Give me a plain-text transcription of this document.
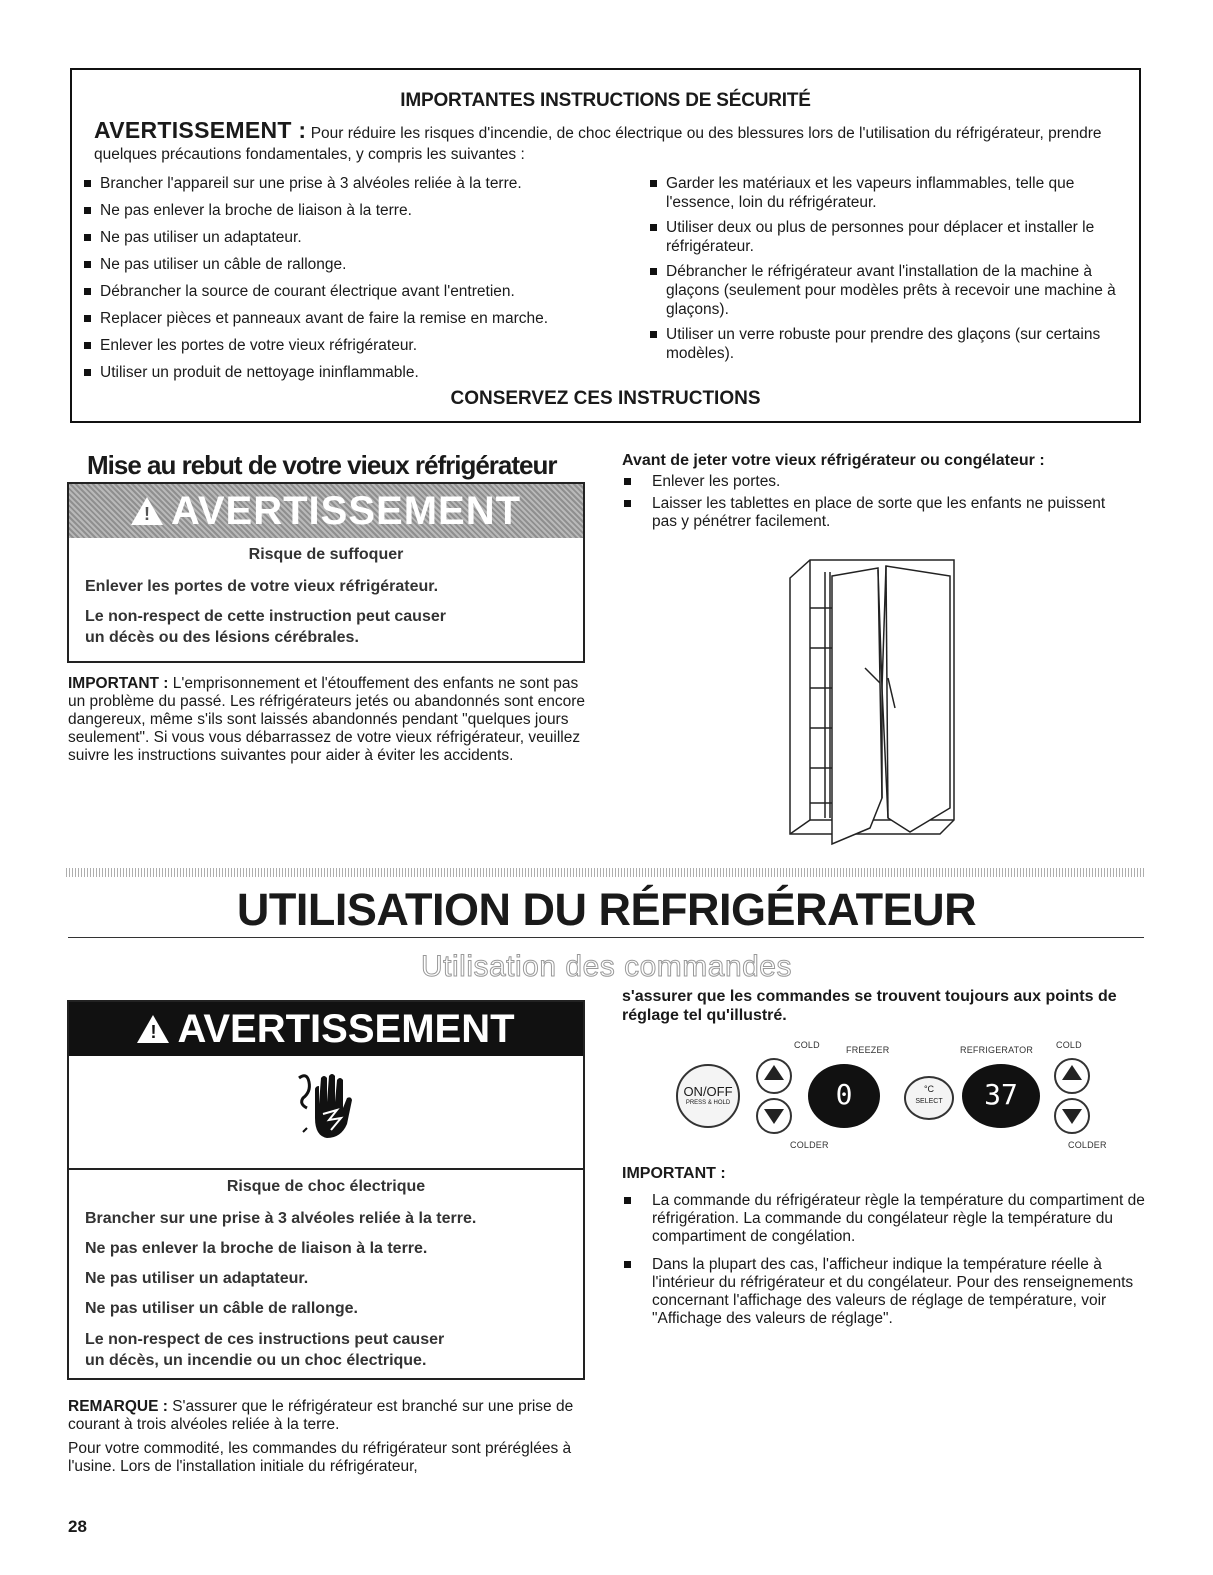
IMPORTANTES INSTRUCTIONS DE SÉCURITÉ
AVERTISSEMENT : Pour réduire les risques d'incendie, de choc électrique ou des blessures lors de l'utilisation du réfrigérateur, prendre quelques précautions fondamentales, y compris les suivantes :
Brancher l'appareil sur une prise à 3 alvéoles reliée à la terre.
Ne pas enlever la broche de liaison à la terre.
Ne pas utiliser un adaptateur.
Ne pas utiliser un câble de rallonge.
Débrancher la source de courant électrique avant l'entretien.
Replacer pièces et panneaux avant de faire la remise en marche.
Enlever les portes de votre vieux réfrigérateur.
Utiliser un produit de nettoyage ininflammable.
Garder les matériaux et les vapeurs inflammables, telle que l'essence, loin du réfrigérateur.
Utiliser deux ou plus de personnes pour déplacer et installer le réfrigérateur.
Débrancher le réfrigérateur avant l'installation de la machine à glaçons (seulement pour modèles prêts à recevoir une machine à glaçons).
Utiliser un verre robuste pour prendre des glaçons (sur certains modèles).
CONSERVEZ CES INSTRUCTIONS
Mise au rebut de votre vieux réfrigérateur
! AVERTISSEMENT
Risque de suffoquer
Enlever les portes de votre vieux réfrigérateur.
Le non-respect de cette instruction peut causer
un décès ou des lésions cérébrales.
IMPORTANT : L'emprisonnement et l'étouffement des enfants ne sont pas un problème du passé. Les réfrigérateurs jetés ou abandonnés sont encore dangereux, même s'ils sont laissés abandonnés pendant "quelques jours seulement". Si vous vous débarrassez de votre vieux réfrigérateur, veuillez suivre les instructions suivantes pour aider à éviter les accidents.
Avant de jeter votre vieux réfrigérateur ou congélateur :
Enlever les portes.
Laisser les tablettes en place de sorte que les enfants ne puissent pas y pénétrer facilement.
UTILISATION DU RÉFRIGÉRATEUR
Utilisation des commandes
! AVERTISSEMENT
Risque de choc électrique
Brancher sur une prise à 3 alvéoles reliée à la terre.
Ne pas enlever la broche de liaison à la terre.
Ne pas utiliser un adaptateur.
Ne pas utiliser un câble de rallonge.
Le non-respect de ces instructions peut causer
un décès, un incendie ou un choc électrique.
REMARQUE : S'assurer que le réfrigérateur est branché sur une prise de courant à trois alvéoles reliée à la terre.
Pour votre commodité, les commandes du réfrigérateur sont préréglées à l'usine. Lors de l'installation initiale du réfrigérateur,
s'assurer que les commandes se trouvent toujours aux points de réglage tel qu'illustré.
COLD	FREEZER	REFRIGERATOR	COLD
ON/OFF
PRESS & HOLD	0	°C
SELECT	37
COLDER	COLDER
IMPORTANT :
La commande du réfrigérateur règle la température du compartiment de réfrigération. La commande du congélateur règle la température du compartiment de congélation.
Dans la plupart des cas, l'afficheur indique la température réelle à l'intérieur du réfrigérateur et du congélateur. Pour des renseignements concernant l'affichage des valeurs de réglage de température, voir "Affichage des valeurs de réglage".
28
